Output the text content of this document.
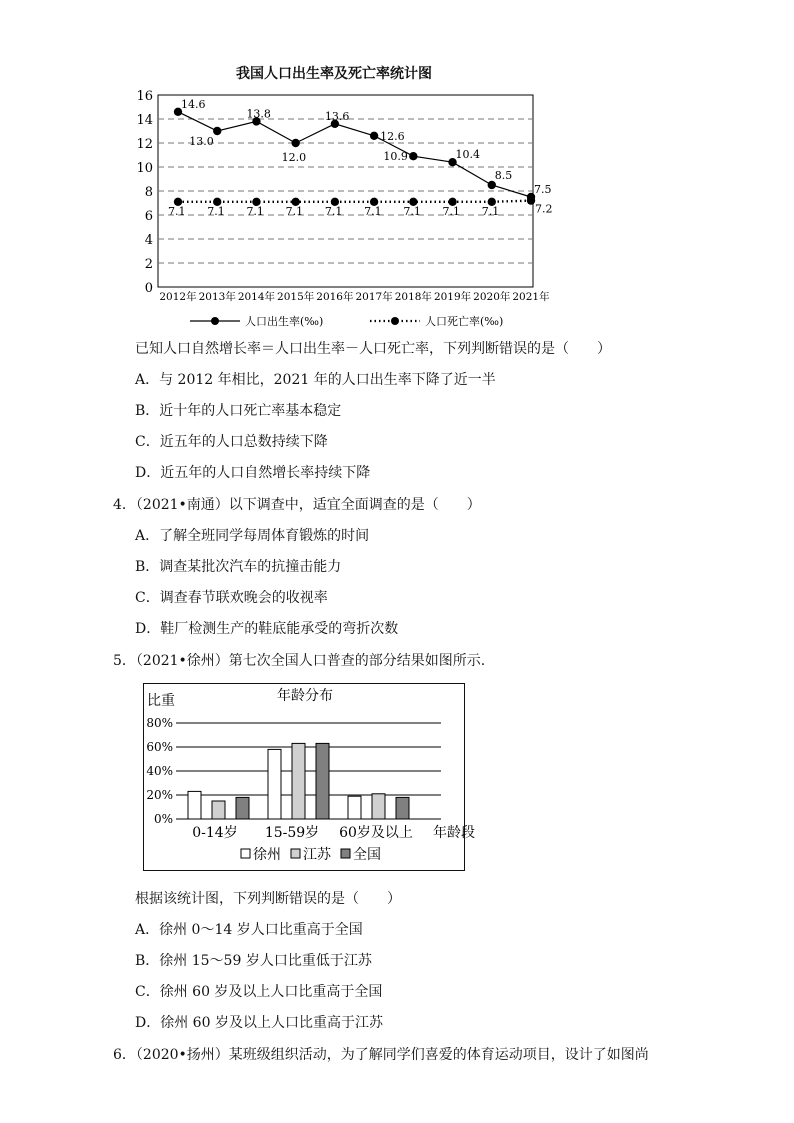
我国人口出生率及死亡率统计图
0
2
4
6
8
10
12
14
16
2012年 2013年 2014年 2015年 2016年 2017年 2018年 2019年 2020年 2021年
14.6
13.0
13.8
12.0
13.6
12.6
10.9	10.4
8.5
7.5
7.1 7.1 7.1 7.1 7.1 7.1 7.1 7.1 7.1	7.2
人口出生率(‰)	人口死亡率(‰)
已知人口自然增长率＝人口出生率－人口死亡率，下列判断错误的是（　　）
A．与 2012 年相比，2021 年的人口出生率下降了近一半
B．近十年的人口死亡率基本稳定
C．近五年的人口总数持续下降
D．近五年的人口自然增长率持续下降
4．（2021•南通）以下调查中，适宜全面调查的是（　　）
A．了解全班同学每周体育锻炼的时间
B．调查某批次汽车的抗撞击能力
C．调查春节联欢晚会的收视率
D．鞋厂检测生产的鞋底能承受的弯折次数
5．（2021•徐州）第七次全国人口普查的部分结果如图所示.
比重	年龄分布
0%
20%
40%
60%
80%
0-14岁 15-59岁 60岁及以上 年龄段
徐州 江苏 全国
根据该统计图，下列判断错误的是（　　）
A．徐州 0～14 岁人口比重高于全国
B．徐州 15～59 岁人口比重低于江苏
C．徐州 60 岁及以上人口比重高于全国
D．徐州 60 岁及以上人口比重高于江苏
6．（2020•扬州）某班级组织活动，为了解同学们喜爱的体育运动项目，设计了如图尚
